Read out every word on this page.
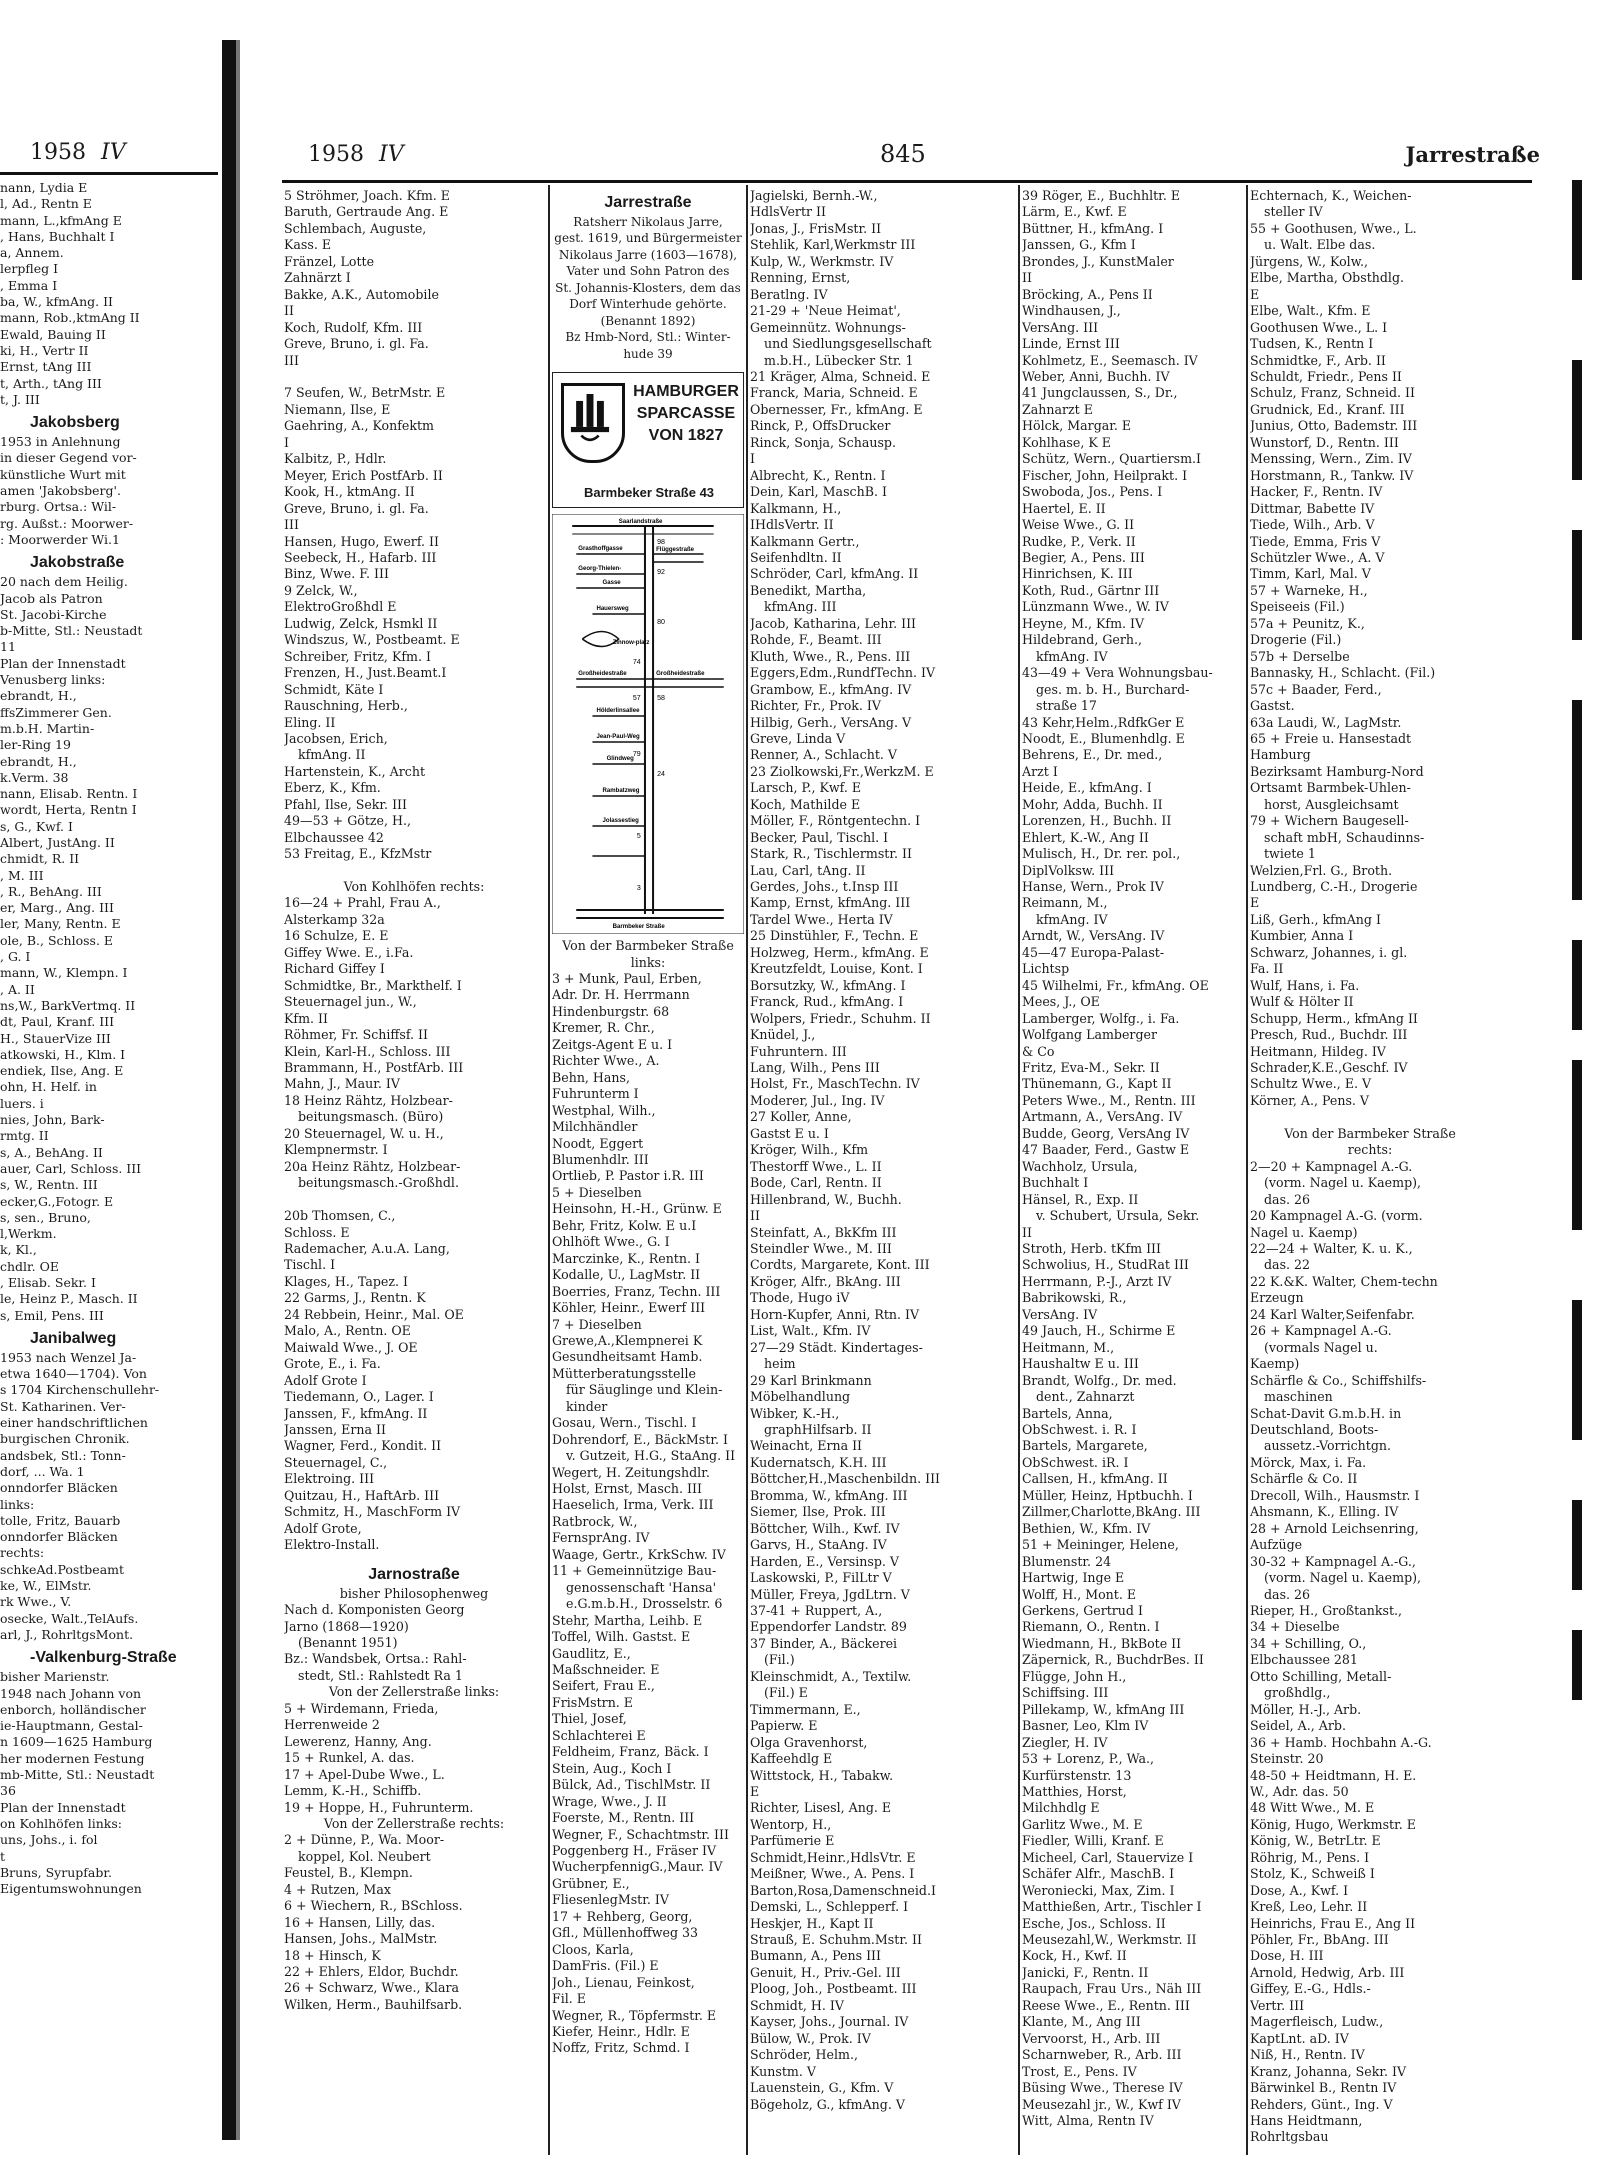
1958 IV
nann, Lydia E
l, Ad., Rentn E
mann, L.,kfmAng E
, Hans, Buchhalt I
a, Annem.
lerpfleg I
, Emma I
ba, W., kfmAng. II
mann, Rob.,ktmAng II
Ewald, Bauing II
ki, H., Vertr II
Ernst, tAng III
t, Arth., tAng III
t, J. III
Jakobsberg
1953 in Anlehnung
in dieser Gegend vor-
künstliche Wurt mit
amen 'Jakobsberg'.
rburg. Ortsa.: Wil-
rg. Außst.: Moorwer-
: Moorwerder Wi.1
Jakobstraße
20 nach dem Heilig.
Jacob als Patron
St. Jacobi-Kirche
b-Mitte, Stl.: Neustadt
11
Plan der Innenstadt
Venusberg links:
ebrandt, H.,
ffsZimmerer Gen.
m.b.H. Martin-
ler-Ring 19
ebrandt, H.,
k.Verm. 38
nann, Elisab. Rentn. I
wordt, Herta, Rentn I
s, G., Kwf. I
Albert, JustAng. II
chmidt, R. II
, M. III
, R., BehAng. III
er, Marg., Ang. III
ler, Many, Rentn. E
ole, B., Schloss. E
, G. I
mann, W., Klempn. I
, A. II
ns,W., BarkVertmq. II
dt, Paul, Kranf. III
H., StauerVize III
atkowski, H., Klm. I
endiek, Ilse, Ang. E
ohn, H. Helf. in
luers. i
nies, John, Bark-
rmtg. II
s, A., BehAng. II
auer, Carl, Schloss. III
s, W., Rentn. III
ecker,G.,Fotogr. E
s, sen., Bruno,
l,Werkm.
k, Kl.,
chdlr. OE
, Elisab. Sekr. I
le, Heinz P., Masch. II
s, Emil, Pens. III
Janibalweg
1953 nach Wenzel Ja-
etwa 1640—1704). Von
s 1704 Kirchenschullehr-
St. Katharinen. Ver-
einer handschriftlichen
burgischen Chronik.
andsbek, Stl.: Tonn-
dorf, ... Wa. 1
onndorfer Bläcken
links:
tolle, Fritz, Bauarb
onndorfer Bläcken
rechts:
schkeAd.Postbeamt
ke, W., ElMstr.
rk Wwe., V.
osecke, Walt.,TelAufs.
arl, J., RohrltgsMont.
-Valkenburg-Straße
bisher Marienstr.
1948 nach Johann von
enborch, holländischer
ie-Hauptmann, Gestal-
n 1609—1625 Hamburg
her modernen Festung
mb-Mitte, Stl.: Neustadt
36
Plan der Innenstadt
on Kohlhöfen links:
uns, Johs., i. fol
t
Bruns, Syrupfabr.
Eigentumswohnungen
1958 IV	845	Jarrestraße
5 Ströhmer, Joach. Kfm. E
Baruth, Gertraude Ang. E
Schlembach, Auguste,
Kass. E
Fränzel, Lotte
Zahnärzt I
Bakke, A.K., Automobile
II
Koch, Rudolf, Kfm. III
Greve, Bruno, i. gl. Fa.
III

7 Seufen, W., BetrMstr. E
Niemann, Ilse, E
Gaehring, A., Konfektm
I
Kalbitz, P., Hdlr.
Meyer, Erich PostfArb. II
Kook, H., ktmAng. II
Greve, Bruno, i. gl. Fa.
III
Hansen, Hugo, Ewerf. II
Seebeck, H., Hafarb. III
Binz, Wwe. F. III
9 Zelck, W.,
ElektroGroßhdl E
Ludwig, Zelck, Hsmkl II
Windszus, W., Postbeamt. E
Schreiber, Fritz, Kfm. I
Frenzen, H., Just.Beamt.I
Schmidt, Käte I
Rauschning, Herb.,
Eling. II
Jacobsen, Erich,
kfmAng. II
Hartenstein, K., Archt
Eberz, K., Kfm.
Pfahl, Ilse, Sekr. III
49—53 + Götze, H.,
Elbchaussee 42
53 Freitag, E., KfzMstr

Von Kohlhöfen rechts:
16—24 + Prahl, Frau A.,
Alsterkamp 32a
16 Schulze, E. E
Giffey Wwe. E., i.Fa.
Richard Giffey I
Schmidtke, Br., Markthelf. I
Steuernagel jun., W.,
Kfm. II
Röhmer, Fr. Schiffsf. II
Klein, Karl-H., Schloss. III
Brammann, H., PostfArb. III
Mahn, J., Maur. IV
18 Heinz Rähtz, Holzbear-
beitungsmasch. (Büro)
20 Steuernagel, W. u. H.,
Klempnermstr. I
20a Heinz Rähtz, Holzbear-
beitungsmasch.-Großhdl.

20b Thomsen, C.,
Schloss. E
Rademacher, A.u.A. Lang,
Tischl. I
Klages, H., Tapez. I
22 Garms, J., Rentn. K
24 Rebbein, Heinr., Mal. OE
Malo, A., Rentn. OE
Maiwald Wwe., J. OE
Grote, E., i. Fa.
Adolf Grote I
Tiedemann, O., Lager. I
Janssen, F., kfmAng. II
Janssen, Erna II
Wagner, Ferd., Kondit. II
Steuernagel, C.,
Elektroing. III
Quitzau, H., HaftArb. III
Schmitz, H., MaschForm IV
Adolf Grote,
Elektro-Install.
Jarnostraße
bisher Philosophenweg
Nach d. Komponisten Georg
Jarno (1868—1920)
(Benannt 1951)
Bz.: Wandsbek, Ortsa.: Rahl-
stedt, Stl.: Rahlstedt Ra 1
Von der Zellerstraße links:
5 + Wirdemann, Frieda,
Herrenweide 2
Lewerenz, Hanny, Ang.
15 + Runkel, A. das.
17 + Apel-Dube Wwe., L.
Lemm, K.-H., Schiffb.
19 + Hoppe, H., Fuhrunterm.
Von der Zellerstraße rechts:
2 + Dünne, P., Wa. Moor-
koppel, Kol. Neubert
Feustel, B., Klempn.
4 + Rutzen, Max
6 + Wiechern, R., BSchloss.
16 + Hansen, Lilly, das.
Hansen, Johs., MalMstr.
18 + Hinsch, K
22 + Ehlers, Eldor, Buchdr.
26 + Schwarz, Wwe., Klara
Wilken, Herm., Bauhilfsarb.
Jarrestraße
Ratsherr Nikolaus Jarre,
gest. 1619, und Bürgermeister
Nikolaus Jarre (1603—1678),
Vater und Sohn Patron des
St. Johannis-Klosters, dem das
Dorf Winterhude gehörte.
(Benannt 1892)
Bz Hmb-Nord, Stl.: Winter-
hude 39
HAMBURGER
SPARCASSE
VON 1827
Barmbeker Straße 43
Saarlandstraße
Grasthoffgasse	Flüggestraße
Georg-Thielen-
Gasse
Hauersweg
Zinnow-platz
Großheidestraße	Großheidestraße
Hölderlinsallee
Jean-Paul-Weg
Glindweg
Rambatzweg
Jolassestieg
Barmbeker Straße
98
92
80
74
58
57
79
24
5
3
Von der Barmbeker Straße
links:
3 + Munk, Paul, Erben,
Adr. Dr. H. Herrmann
Hindenburgstr. 68
Kremer, R. Chr.,
Zeitgs-Agent E u. I
Richter Wwe., A.
Behn, Hans,
Fuhrunterm I
Westphal, Wilh.,
Milchhändler
Noodt, Eggert
Blumenhdlr. III
Ortlieb, P. Pastor i.R. III
5 + Dieselben
Heinsohn, H.-H., Grünw. E
Behr, Fritz, Kolw. E u.I
Ohlhöft Wwe., G. I
Marczinke, K., Rentn. I
Kodalle, U., LagMstr. II
Boerries, Franz, Techn. III
Köhler, Heinr., Ewerf III
7 + Dieselben
Grewe,A.,Klempnerei K
Gesundheitsamt Hamb.
Mütterberatungsstelle
für Säuglinge und Klein-
kinder
Gosau, Wern., Tischl. I
Dohrendorf, E., BäckMstr. I
v. Gutzeit, H.G., StaAng. II
Wegert, H. Zeitungshdlr.
Holst, Ernst, Masch. III
Haeselich, Irma, Verk. III
Ratbrock, W.,
FernsprAng. IV
Waage, Gertr., KrkSchw. IV
11 + Gemeinnützige Bau-
genossenschaft 'Hansa'
e.G.m.b.H., Drosselstr. 6
Stehr, Martha, Leihb. E
Toffel, Wilh. Gastst. E
Gaudlitz, E.,
Maßschneider. E
Seifert, Frau E.,
FrisMstrn. E
Thiel, Josef,
Schlachterei E
Feldheim, Franz, Bäck. I
Stein, Aug., Koch I
Bülck, Ad., TischlMstr. II
Wrage, Wwe., J. II
Foerste, M., Rentn. III
Wegner, F., Schachtmstr. III
Poggenberg H., Fräser IV
WucherpfennigG.,Maur. IV
Grübner, E.,
FliesenlegMstr. IV
17 + Rehberg, Georg,
Gfl., Müllenhoffweg 33
Cloos, Karla,
DamFris. (Fil.) E
Joh., Lienau, Feinkost,
Fil. E
Wegner, R., Töpfermstr. E
Kiefer, Heinr., Hdlr. E
Noffz, Fritz, Schmd. I
Jagielski, Bernh.-W.,
HdlsVertr II
Jonas, J., FrisMstr. II
Stehlik, Karl,Werkmstr III
Kulp, W., Werkmstr. IV
Renning, Ernst,
Beratlng. IV
21-29 + 'Neue Heimat',
Gemeinnütz. Wohnungs-
und Siedlungsgesellschaft
m.b.H., Lübecker Str. 1
21 Kräger, Alma, Schneid. E
Franck, Maria, Schneid. E
Obernesser, Fr., kfmAng. E
Rinck, P., OffsDrucker
Rinck, Sonja, Schausp.
I
Albrecht, K., Rentn. I
Dein, Karl, MaschB. I
Kalkmann, H.,
IHdlsVertr. II
Kalkmann Gertr.,
Seifenhdltn. II
Schröder, Carl, kfmAng. II
Benedikt, Martha,
kfmAng. III
Jacob, Katharina, Lehr. III
Rohde, F., Beamt. III
Kluth, Wwe., R., Pens. III
Eggers,Edm.,RundfTechn. IV
Grambow, E., kfmAng. IV
Richter, Fr., Prok. IV
Hilbig, Gerh., VersAng. V
Greve, Linda V
Renner, A., Schlacht. V
23 Ziolkowski,Fr.,WerkzM. E
Larsch, P., Kwf. E
Koch, Mathilde E
Möller, F., Röntgentechn. I
Becker, Paul, Tischl. I
Stark, R., Tischlermstr. II
Lau, Carl, tAng. II
Gerdes, Johs., t.Insp III
Kamp, Ernst, kfmAng. III
Tardel Wwe., Herta IV
25 Dinstühler, F., Techn. E
Holzweg, Herm., kfmAng. E
Kreutzfeldt, Louise, Kont. I
Borsutzky, W., kfmAng. I
Franck, Rud., kfmAng. I
Wolpers, Friedr., Schuhm. II
Knüdel, J.,
Fuhruntern. III
Lang, Wilh., Pens III
Holst, Fr., MaschTechn. IV
Moderer, Jul., Ing. IV
27 Koller, Anne,
Gastst E u. I
Kröger, Wilh., Kfm
Thestorff Wwe., L. II
Bode, Carl, Rentn. II
Hillenbrand, W., Buchh.
II
Steinfatt, A., BkKfm III
Steindler Wwe., M. III
Cordts, Margarete, Kont. III
Kröger, Alfr., BkAng. III
Thode, Hugo iV
Horn-Kupfer, Anni, Rtn. IV
List, Walt., Kfm. IV
27—29 Städt. Kindertages-
heim
29 Karl Brinkmann
Möbelhandlung
Wibker, K.-H.,
graphHilfsarb. II
Weinacht, Erna II
Kudernatsch, K.H. III
Böttcher,H.,Maschenbildn. III
Bromma, W., kfmAng. III
Siemer, Ilse, Prok. III
Böttcher, Wilh., Kwf. IV
Garvs, H., StaAng. IV
Harden, E., Versinsp. V
Laskowski, P., FilLtr V
Müller, Freya, JgdLtrn. V
37-41 + Ruppert, A.,
Eppendorfer Landstr. 89
37 Binder, A., Bäckerei
(Fil.)
Kleinschmidt, A., Textilw.
(Fil.) E
Timmermann, E.,
Papierw. E
Olga Gravenhorst,
Kaffeehdlg E
Wittstock, H., Tabakw.
E
Richter, Lisesl, Ang. E
Wentorp, H.,
Parfümerie E
Schmidt,Heinr.,HdlsVtr. E
Meißner, Wwe., A. Pens. I
Barton,Rosa,Damenschneid.I
Demski, L., Schlepperf. I
Heskjer, H., Kapt II
Strauß, E. Schuhm.Mstr. II
Bumann, A., Pens III
Genuit, H., Priv.-Gel. III
Ploog, Joh., Postbeamt. III
Schmidt, H. IV
Kayser, Johs., Journal. IV
Bülow, W., Prok. IV
Schröder, Helm.,
Kunstm. V
Lauenstein, G., Kfm. V
Bögeholz, G., kfmAng. V
39 Röger, E., Buchhltr. E
Lärm, E., Kwf. E
Büttner, H., kfmAng. I
Janssen, G., Kfm I
Brondes, J., KunstMaler
II
Bröcking, A., Pens II
Windhausen, J.,
VersAng. III
Linde, Ernst III
Kohlmetz, E., Seemasch. IV
Weber, Anni, Buchh. IV
41 Jungclaussen, S., Dr.,
Zahnarzt E
Hölck, Margar. E
Kohlhase, K E
Schütz, Wern., Quartiersm.I
Fischer, John, Heilprakt. I
Swoboda, Jos., Pens. I
Haertel, E. II
Weise Wwe., G. II
Rudke, P., Verk. II
Begier, A., Pens. III
Hinrichsen, K. III
Koth, Rud., Gärtnr III
Lünzmann Wwe., W. IV
Heyne, M., Kfm. IV
Hildebrand, Gerh.,
kfmAng. IV
43—49 + Vera Wohnungsbau-
ges. m. b. H., Burchard-
straße 17
43 Kehr,Helm.,RdfkGer E
Noodt, E., Blumenhdlg. E
Behrens, E., Dr. med.,
Arzt I
Heide, E., kfmAng. I
Mohr, Adda, Buchh. II
Lorenzen, H., Buchh. II
Ehlert, K.-W., Ang II
Mulisch, H., Dr. rer. pol.,
DiplVolksw. III
Hanse, Wern., Prok IV
Reimann, M.,
kfmAng. IV
Arndt, W., VersAng. IV
45—47 Europa-Palast-
Lichtsp
45 Wilhelmi, Fr., kfmAng. OE
Mees, J., OE
Lamberger, Wolfg., i. Fa.
Wolfgang Lamberger
& Co
Fritz, Eva-M., Sekr. II
Thünemann, G., Kapt II
Peters Wwe., M., Rentn. III
Artmann, A., VersAng. IV
Budde, Georg, VersAng IV
47 Baader, Ferd., Gastw E
Wachholz, Ursula,
Buchhalt I
Hänsel, R., Exp. II
v. Schubert, Ursula, Sekr.
II
Stroth, Herb. tKfm III
Schwolius, H., StudRat III
Herrmann, P.-J., Arzt IV
Babrikowski, R.,
VersAng. IV
49 Jauch, H., Schirme E
Heitmann, M.,
Haushaltw E u. III
Brandt, Wolfg., Dr. med.
dent., Zahnarzt
Bartels, Anna,
ObSchwest. i. R. I
Bartels, Margarete,
ObSchwest. iR. I
Callsen, H., kfmAng. II
Müller, Heinz, Hptbuchh. I
Zillmer,Charlotte,BkAng. III
Bethien, W., Kfm. IV
51 + Meininger, Helene,
Blumenstr. 24
Hartwig, Inge E
Wolff, H., Mont. E
Gerkens, Gertrud I
Riemann, O., Rentn. I
Wiedmann, H., BkBote II
Zäpernick, R., BuchdrBes. II
Flügge, John H.,
Schiffsing. III
Pillekamp, W., kfmAng III
Basner, Leo, Klm IV
Ziegler, H. IV
53 + Lorenz, P., Wa.,
Kurfürstenstr. 13
Matthies, Horst,
Milchhdlg E
Garlitz Wwe., M. E
Fiedler, Willi, Kranf. E
Micheel, Carl, Stauervize I
Schäfer Alfr., MaschB. I
Weroniecki, Max, Zim. I
Matthießen, Artr., Tischler I
Esche, Jos., Schloss. II
Meusezahl,W., Werkmstr. II
Kock, H., Kwf. II
Janicki, F., Rentn. II
Raupach, Frau Urs., Näh III
Reese Wwe., E., Rentn. III
Klante, M., Ang III
Vervoorst, H., Arb. III
Scharnweber, R., Arb. III
Trost, E., Pens. IV
Büsing Wwe., Therese IV
Meusezahl jr., W., Kwf IV
Witt, Alma, Rentn IV
Echternach, K., Weichen-
steller IV
55 + Goothusen, Wwe., L.
u. Walt. Elbe das.
Jürgens, W., Kolw.,
Elbe, Martha, Obsthdlg.
E
Elbe, Walt., Kfm. E
Goothusen Wwe., L. I
Tudsen, K., Rentn I
Schmidtke, F., Arb. II
Schuldt, Friedr., Pens II
Schulz, Franz, Schneid. II
Grudnick, Ed., Kranf. III
Junius, Otto, Bademstr. III
Wunstorf, D., Rentn. III
Menssing, Wern., Zim. IV
Horstmann, R., Tankw. IV
Hacker, F., Rentn. IV
Dittmar, Babette IV
Tiede, Wilh., Arb. V
Tiede, Emma, Fris V
Schützler Wwe., A. V
Timm, Karl, Mal. V
57 + Warneke, H.,
Speiseeis (Fil.)
57a + Peunitz, K.,
Drogerie (Fil.)
57b + Derselbe
Bannasky, H., Schlacht. (Fil.)
57c + Baader, Ferd.,
Gastst.
63a Laudi, W., LagMstr.
65 + Freie u. Hansestadt
Hamburg
Bezirksamt Hamburg-Nord
Ortsamt Barmbek-Uhlen-
horst, Ausgleichsamt
79 + Wichern Baugesell-
schaft mbH, Schaudinns-
twiete 1
Welzien,Frl. G., Broth.
Lundberg, C.-H., Drogerie
E
Liß, Gerh., kfmAng I
Kumbier, Anna I
Schwarz, Johannes, i. gl.
Fa. II
Wulf, Hans, i. Fa.
Wulf & Hölter II
Schupp, Herm., kfmAng II
Presch, Rud., Buchdr. III
Heitmann, Hildeg. IV
Schrader,K.E.,Geschf. IV
Schultz Wwe., E. V
Körner, A., Pens. V

Von der Barmbeker Straße
rechts:
2—20 + Kampnagel A.-G.
(vorm. Nagel u. Kaemp),
das. 26
20 Kampnagel A.-G. (vorm.
Nagel u. Kaemp)
22—24 + Walter, K. u. K.,
das. 22
22 K.&K. Walter, Chem-techn
Erzeugn
24 Karl Walter,Seifenfabr.
26 + Kampnagel A.-G.
(vormals Nagel u.
Kaemp)
Schärfle & Co., Schiffshilfs-
maschinen
Schat-Davit G.m.b.H. in
Deutschland, Boots-
aussetz.-Vorrichtgn.
Mörck, Max, i. Fa.
Schärfle & Co. II
Drecoll, Wilh., Hausmstr. I
Ahsmann, K., Elling. IV
28 + Arnold Leichsenring,
Aufzüge
30-32 + Kampnagel A.-G.,
(vorm. Nagel u. Kaemp),
das. 26
Rieper, H., Großtankst.,
34 + Dieselbe
34 + Schilling, O.,
Elbchaussee 281
Otto Schilling, Metall-
großhdlg.,
Möller, H.-J., Arb.
Seidel, A., Arb.
36 + Hamb. Hochbahn A.-G.
Steinstr. 20
48-50 + Heidtmann, H. E.
W., Adr. das. 50
48 Witt Wwe., M. E
König, Hugo, Werkmstr. E
König, W., BetrLtr. E
Röhrig, M., Pens. I
Stolz, K., Schweiß I
Dose, A., Kwf. I
Kreß, Leo, Lehr. II
Heinrichs, Frau E., Ang II
Pöhler, Fr., BbAng. III
Dose, H. III
Arnold, Hedwig, Arb. III
Giffey, E.-G., Hdls.-
Vertr. III
Magerfleisch, Ludw.,
KaptLnt. aD. IV
Niß, H., Rentn. IV
Kranz, Johanna, Sekr. IV
Bärwinkel B., Rentn IV
Rehders, Günt., Ing. V
Hans Heidtmann,
Rohrltgsbau
